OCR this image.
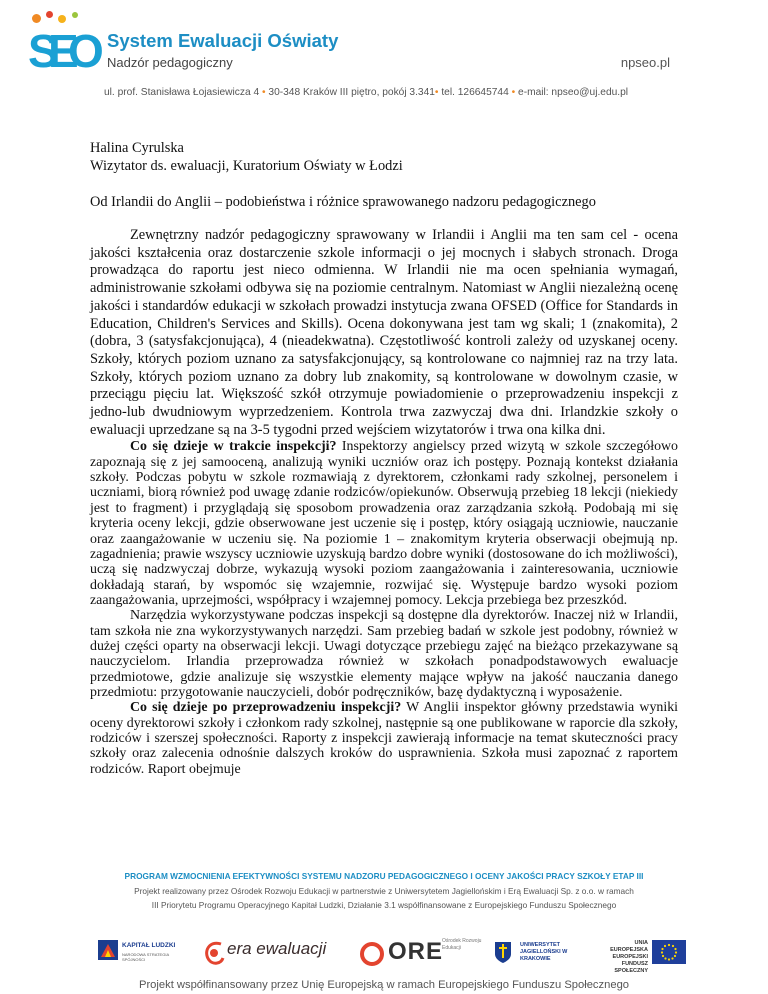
S
E
O System Ewaluacji Oświaty
Nadzór pedagogiczny	npseo.pl
ul. prof. Stanisława Łojasiewicza 4 • 30-348 Kraków III piętro, pokój 3.341• tel. 126645744 • e-mail: npseo@uj.edu.pl
Halina Cyrulska
Wizytator ds. ewaluacji, Kuratorium Oświaty w Łodzi
Od Irlandii do Anglii – podobieństwa i różnice sprawowanego nadzoru pedagogicznego

Zewnętrzny nadzór pedagogiczny sprawowany w Irlandii i Anglii ma ten sam cel - ocena jakości kształcenia oraz dostarczenie szkole informacji o jej mocnych i słabych stronach. Droga prowadząca do raportu jest nieco odmienna. W Irlandii nie ma ocen spełniania wymagań, administrowanie szkołami odbywa się na poziomie centralnym. Natomiast w Anglii niezależną ocenę jakości i standardów edukacji w szkołach prowadzi instytucja zwana OFSED (Office for Standards in Education, Children's Services and Skills). Ocena dokonywana jest tam wg skali; 1 (znakomita), 2 (dobra, 3 (satysfakcjonująca), 4 (nieadekwatna). Częstotliwość kontroli zależy od uzyskanej oceny. Szkoły, których poziom uznano za satysfakcjonujący, są kontrolowane co najmniej raz na trzy lata. Szkoły, których poziom uznano za dobry lub znakomity, są kontrolowane w dowolnym czasie, w przeciągu pięciu lat. Większość szkół otrzymuje powiadomienie o przeprowadzeniu inspekcji z jedno-lub dwudniowym wyprzedzeniem. Kontrola trwa zazwyczaj dwa dni. Irlandzkie szkoły o ewaluacji uprzedzane są na 3-5 tygodni przed wejściem wizytatorów i trwa ona kilka dni.

Co się dzieje w trakcie inspekcji? Inspektorzy angielscy przed wizytą w szkole szczegółowo zapoznają się z jej samooceną, analizują wyniki uczniów oraz ich postępy. Poznają kontekst działania szkoły. Podczas pobytu w szkole rozmawiają z dyrektorem, członkami rady szkolnej, personelem i uczniami, biorą również pod uwagę zdanie rodziców/opiekunów. Obserwują przebieg 18 lekcji (niekiedy jest to fragment) i przyglądają się sposobom prowadzenia oraz zarządzania szkołą. Podobają mi się kryteria oceny lekcji, gdzie obserwowane jest uczenie się i postęp, który osiągają uczniowie, nauczanie oraz zaangażowanie w uczeniu się. Na poziomie 1 – znakomitym kryteria obserwacji obejmują np. zagadnienia; prawie wszyscy uczniowie uzyskują bardzo dobre wyniki (dostosowane do ich możliwości), uczą się nadzwyczaj dobrze, wykazują wysoki poziom zaangażowania i zainteresowania, uczniowie dokładają starań, by wspomóc się wzajemnie, rozwijać się. Występuje bardzo wysoki poziom zaangażowania, uprzejmości, współpracy i wzajemnej pomocy. Lekcja przebiega bez przeszkód.

Narzędzia wykorzystywane podczas inspekcji są dostępne dla dyrektorów. Inaczej niż w Irlandii, tam szkoła nie zna wykorzystywanych narzędzi. Sam przebieg badań w szkole jest podobny, również w dużej części oparty na obserwacji lekcji. Uwagi dotyczące przebiegu zajęć na bieżąco przekazywane są nauczycielom. Irlandia przeprowadza również w szkołach ponadpodstawowych ewaluacje przedmiotowe, gdzie analizuje się wszystkie elementy mające wpływ na jakość nauczania danego przedmiotu: przygotowanie nauczycieli, dobór podręczników, bazę dydaktyczną i wyposażenie.

Co się dzieje po przeprowadzeniu inspekcji? W Anglii inspektor główny przedstawia wyniki oceny dyrektorowi szkoły i członkom rady szkolnej, następnie są one publikowane w raporcie dla szkoły, rodziców i szerszej społeczności. Raporty z inspekcji zawierają informacje na temat skuteczności pracy szkoły oraz zalecenia odnośnie dalszych kroków do usprawnienia. Szkoła musi zapoznać z raportem rodziców. Raport obejmuje

PROGRAM WZMOCNIENIA EFEKTYWNOŚCI SYSTEMU NADZORU PEDAGOGICZNEGO I OCENY JAKOŚCI PRACY SZKOŁY ETAP III
Projekt realizowany przez Ośrodek Rozwoju Edukacji w partnerstwie z Uniwersytetem Jagiellońskim i Erą Ewaluacji Sp. z o.o. w ramach
III Priorytetu Programu Operacyjnego Kapitał Ludzki, Działanie 3.1 współfinansowane z Europejskiego Funduszu Społecznego
KAPITAŁ LUDZKI
NARODOWA STRATEGIA SPÓJNOŚCI
era ewaluacji	ORE
Ośrodek Rozwoju Edukacji	UNIWERSYTET JAGIELLOŃSKI W KRAKOWIE
UNIA EUROPEJSKA EUROPEJSKI FUNDUSZ SPOŁECZNY
Projekt współfinansowany przez Unię Europejską w ramach Europejskiego Funduszu Społecznego
